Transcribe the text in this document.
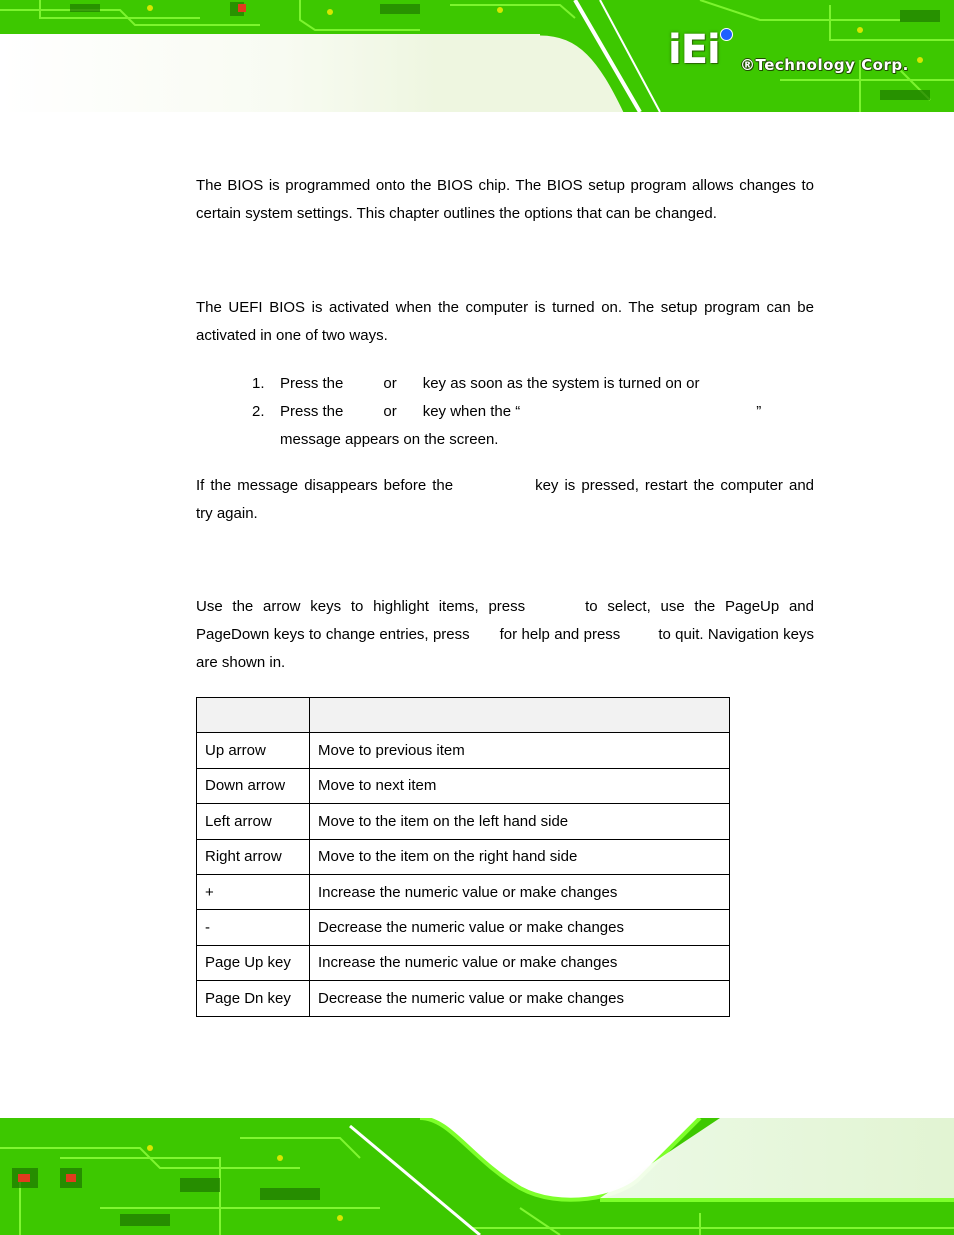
iEi ®Technology Corp.

The BIOS is programmed onto the BIOS chip. The BIOS setup program allows changes to certain system settings. This chapter outlines the options that can be changed.

The UEFI BIOS is activated when the computer is turned on. The setup program can be activated in one of two ways.

1. Press the	or key as soon as the system is turned on or
2. Press the	or key when the “	”
message appears on the screen.

If the message disappears before the	key is pressed, restart the computer and try again.

Use the arrow keys to highlight items, press	to select, use the PageUp and PageDown keys to change entries, press for help and press	to quit. Navigation keys are shown in.

Up arrow	Move to previous item
Down arrow	Move to next item
Left arrow	Move to the item on the left hand side
Right arrow	Move to the item on the right hand side
+	Increase the numeric value or make changes
-	Decrease the numeric value or make changes
Page Up key	Increase the numeric value or make changes
Page Dn key	Decrease the numeric value or make changes
